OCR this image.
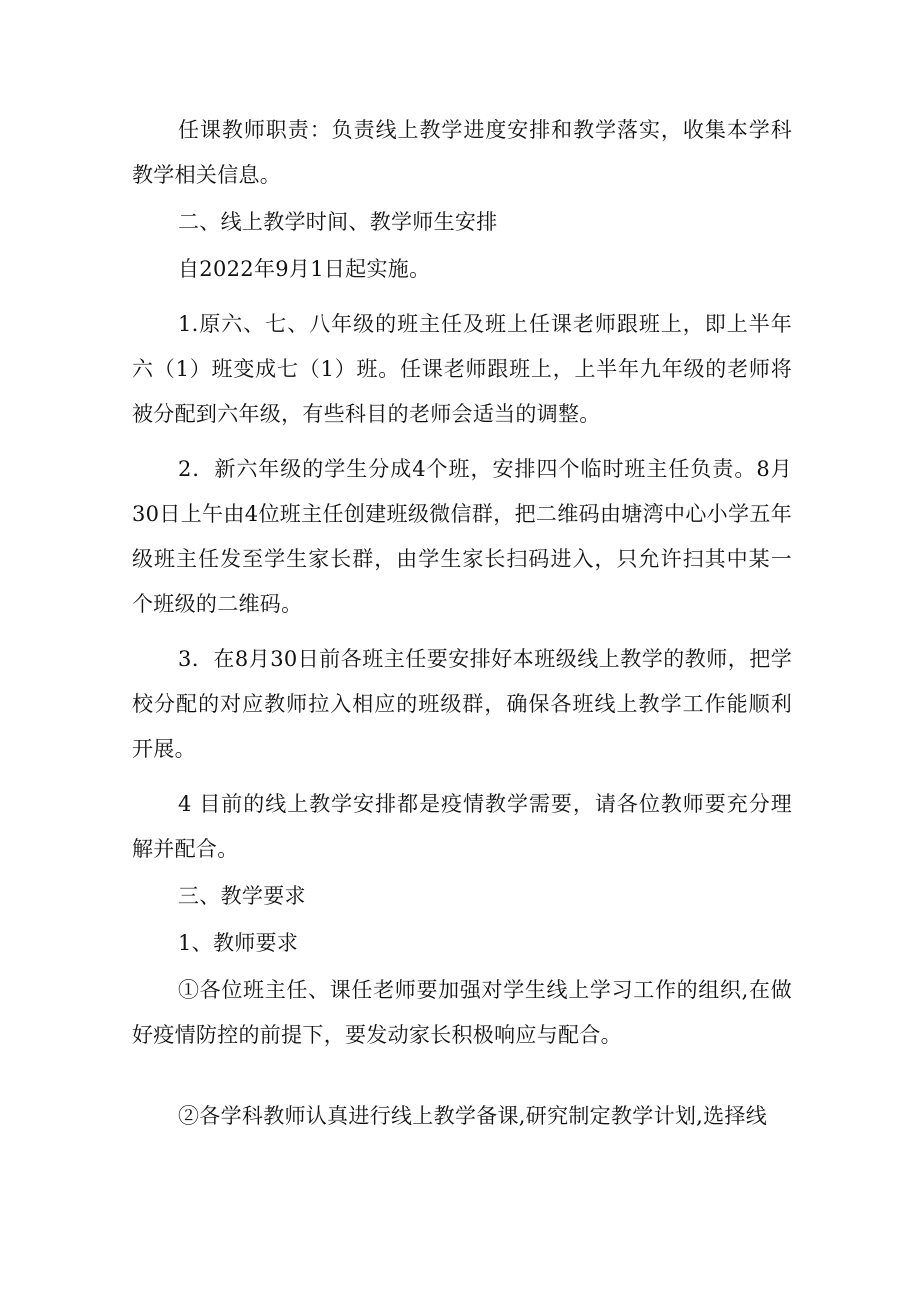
任课教师职责：负责线上教学进度安排和教学落实，收集本学科教学相关信息。

二、线上教学时间、教学师生安排

自2022年9月1日起实施。

1.原六、七、八年级的班主任及班上任课老师跟班上，即上半年六（1）班变成七（1）班。任课老师跟班上，上半年九年级的老师将被分配到六年级，有些科目的老师会适当的调整。

2．新六年级的学生分成4个班，安排四个临时班主任负责。8月30日上午由4位班主任创建班级微信群，把二维码由塘湾中心小学五年级班主任发至学生家长群，由学生家长扫码进入，只允许扫其中某一个班级的二维码。

3．在8月30日前各班主任要安排好本班级线上教学的教师，把学校分配的对应教师拉入相应的班级群，确保各班线上教学工作能顺利开展。

4 目前的线上教学安排都是疫情教学需要，请各位教师要充分理解并配合。

三、教学要求

1、教师要求

①各位班主任、课任老师要加强对学生线上学习工作的组织,在做好疫情防控的前提下，要发动家长积极响应与配合。

②各学科教师认真进行线上教学备课,研究制定教学计划,选择线
